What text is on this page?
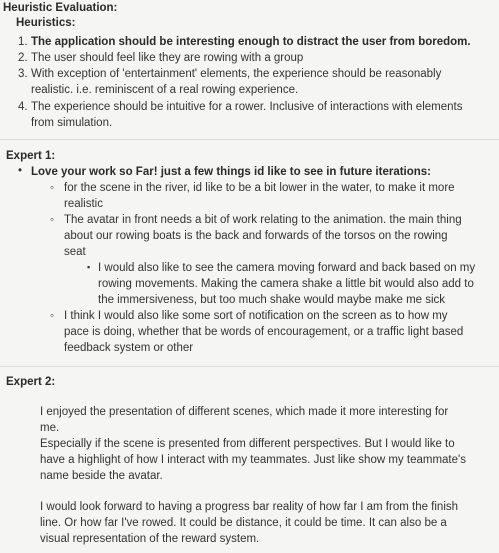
Heuristic Evaluation:
Heuristics:
1. The application should be interesting enough to distract the user from boredom.
2. The user should feel like they are rowing with a group
3. With exception of 'entertainment' elements, the experience should be reasonably
realistic. i.e. reminiscent of a real rowing experience.
4. The experience should be intuitive for a rower. Inclusive of interactions with elements
from simulation.
Expert 1:
• Love your work so Far! just a few things id like to see in future iterations:
◦ for the scene in the river, id like to be a bit lower in the water, to make it more
realistic
◦ The avatar in front needs a bit of work relating to the animation. the main thing
about our rowing boats is the back and forwards of the torsos on the rowing
seat
▪ I would also like to see the camera moving forward and back based on my
rowing movements. Making the camera shake a little bit would also add to
the immersiveness, but too much shake would maybe make me sick
◦ I think I would also like some sort of notification on the screen as to how my
pace is doing, whether that be words of encouragement, or a traffic light based
feedback system or other
Expert 2:
I enjoyed the presentation of different scenes, which made it more interesting for
me.
Especially if the scene is presented from different perspectives. But I would like to
have a highlight of how I interact with my teammates. Just like show my teammate's
name beside the avatar.
I would look forward to having a progress bar reality of how far I am from the finish
line. Or how far I've rowed. It could be distance, it could be time. It can also be a
visual representation of the reward system.
